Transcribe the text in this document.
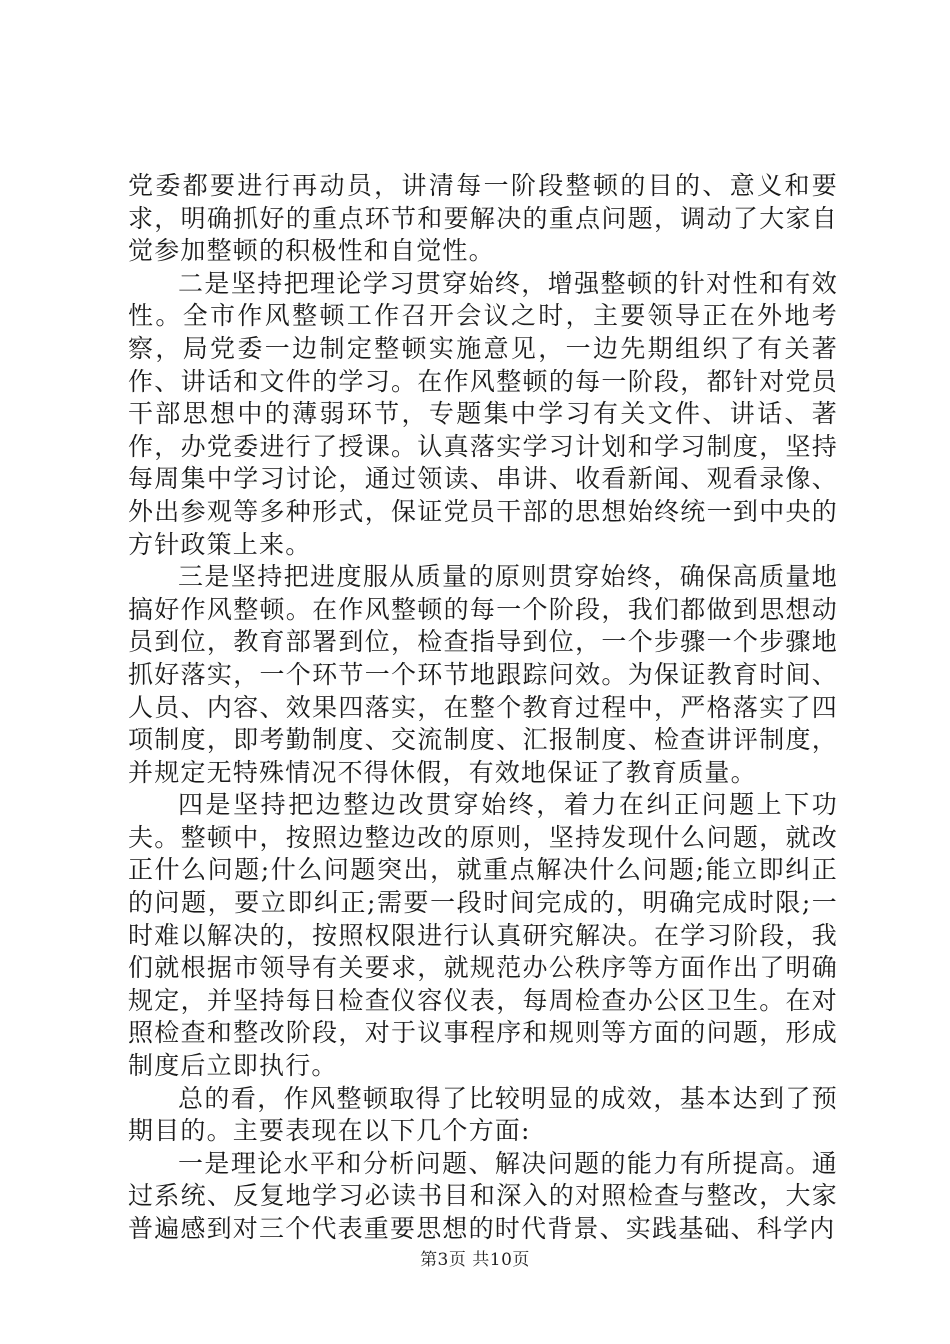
党委都要进行再动员，讲清每一阶段整顿的目的、意义和要求，明确抓好的重点环节和要解决的重点问题，调动了大家自觉参加整顿的积极性和自觉性。

二是坚持把理论学习贯穿始终，增强整顿的针对性和有效性。全市作风整顿工作召开会议之时，主要领导正在外地考察，局党委一边制定整顿实施意见，一边先期组织了有关著作、讲话和文件的学习。在作风整顿的每一阶段，都针对党员干部思想中的薄弱环节，专题集中学习有关文件、讲话、著作，办党委进行了授课。认真落实学习计划和学习制度，坚持每周集中学习讨论，通过领读、串讲、收看新闻、观看录像、外出参观等多种形式，保证党员干部的思想始终统一到中央的方针政策上来。

三是坚持把进度服从质量的原则贯穿始终，确保高质量地搞好作风整顿。在作风整顿的每一个阶段，我们都做到思想动员到位，教育部署到位，检查指导到位，一个步骤一个步骤地抓好落实，一个环节一个环节地跟踪问效。为保证教育时间、人员、内容、效果四落实，在整个教育过程中，严格落实了四项制度，即考勤制度、交流制度、汇报制度、检查讲评制度，并规定无特殊情况不得休假，有效地保证了教育质量。

四是坚持把边整边改贯穿始终，着力在纠正问题上下功夫。整顿中，按照边整边改的原则，坚持发现什么问题，就改正什么问题;什么问题突出，就重点解决什么问题;能立即纠正的问题，要立即纠正;需要一段时间完成的，明确完成时限;一时难以解决的，按照权限进行认真研究解决。在学习阶段，我们就根据市领导有关要求，就规范办公秩序等方面作出了明确规定，并坚持每日检查仪容仪表，每周检查办公区卫生。在对照检查和整改阶段，对于议事程序和规则等方面的问题，形成制度后立即执行。

总的看，作风整顿取得了比较明显的成效，基本达到了预期目的。主要表现在以下几个方面:

一是理论水平和分析问题、解决问题的能力有所提高。通过系统、反复地学习必读书目和深入的对照检查与整改，大家普遍感到对三个代表重要思想的时代背景、实践基础、科学内

第3页 共10页
